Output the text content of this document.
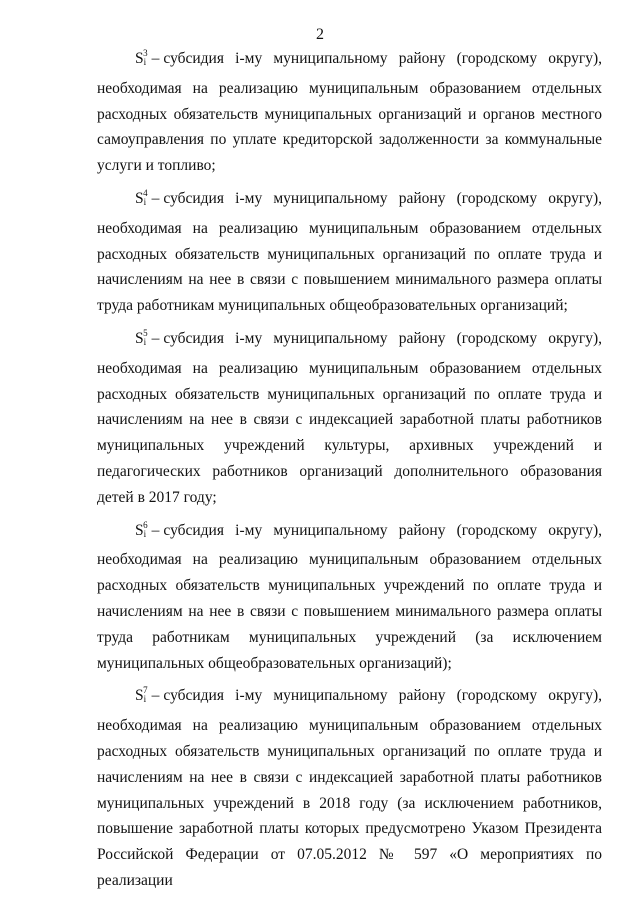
2

$S_i^3$ – субсидия i-му муниципальному району (городскому округу), необходимая на реализацию муниципальным образованием отдельных расходных обязательств муниципальных организаций и органов местного самоуправления по уплате кредиторской задолженности за коммунальные услуги и топливо;

$S_i^4$ – субсидия i-му муниципальному району (городскому округу), необходимая на реализацию муниципальным образованием отдельных расходных обязательств муниципальных организаций по оплате труда и начислениям на нее в связи с повышением минимального размера оплаты труда работникам муниципальных общеобразовательных организаций;

$S_i^5$ – субсидия i-му муниципальному району (городскому округу), необходимая на реализацию муниципальным образованием отдельных расходных обязательств муниципальных организаций по оплате труда и начислениям на нее в связи с индексацией заработной платы работников муниципальных учреждений культуры, архивных учреждений и педагогических работников организаций дополнительного образования детей в 2017 году;

$S_i^6$ – субсидия i-му муниципальному району (городскому округу), необходимая на реализацию муниципальным образованием отдельных расходных обязательств муниципальных учреждений по оплате труда и начислениям на нее в связи с повышением минимального размера оплаты труда работникам муниципальных учреждений (за исключением муниципальных общеобразовательных организаций);

$S_i^7$ – субсидия i-му муниципальному району (городскому округу), необходимая на реализацию муниципальным образованием отдельных расходных обязательств муниципальных организаций по оплате труда и начислениям на нее в связи с индексацией заработной платы работников муниципальных учреждений в 2018 году (за исключением работников, повышение заработной платы которых предусмотрено Указом Президента Российской Федерации от 07.05.2012 № 597 «О мероприятиях по реализации
